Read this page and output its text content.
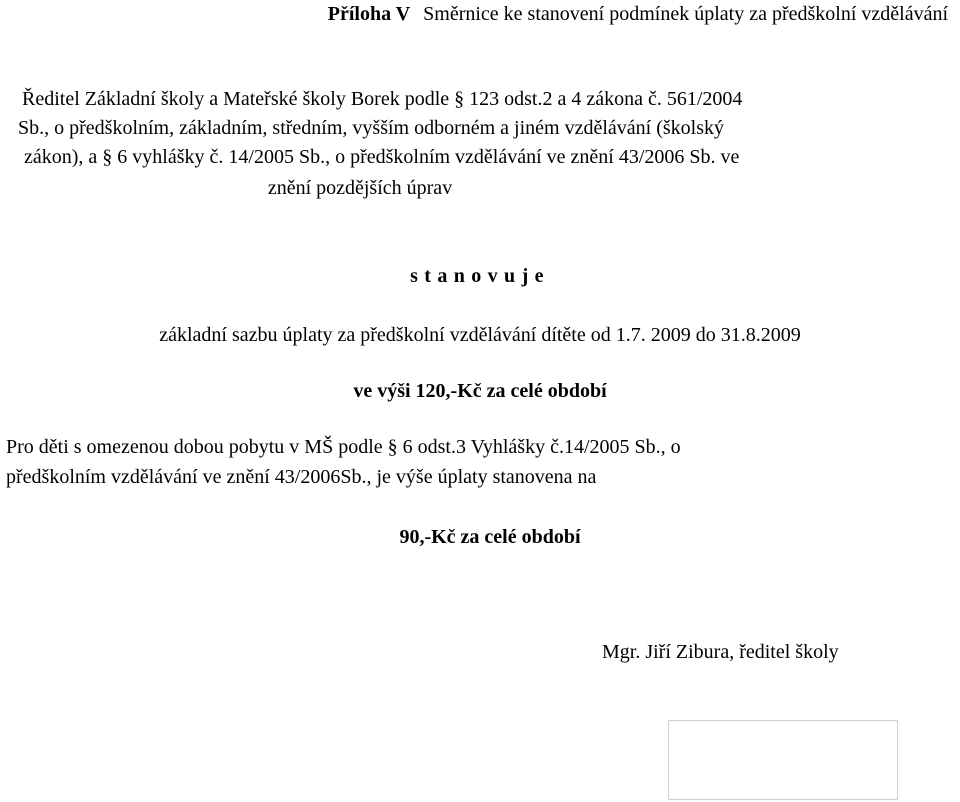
Příloha V Směrnice ke stanovení podmínek úplaty za předškolní vzdělávání
Ředitel Základní školy a Mateřské školy Borek podle § 123 odst.2 a 4 zákona č. 561/2004
Sb., o předškolním, základním, středním, vyšším odborném a jiném vzdělávání (školský
zákon), a § 6 vyhlášky č. 14/2005 Sb., o předškolním vzdělávání ve znění 43/2006 Sb. ve
znění pozdějších úprav
stanovuje
základní sazbu úplaty za předškolní vzdělávání dítěte od 1.7. 2009 do 31.8.2009
ve výši 120,-Kč za celé období
Pro děti s omezenou dobou pobytu v MŠ podle § 6 odst.3 Vyhlášky č.14/2005 Sb., o
předškolním vzdělávání ve znění 43/2006Sb., je výše úplaty stanovena na
90,-Kč za celé období
Mgr. Jiří Zibura, ředitel školy
